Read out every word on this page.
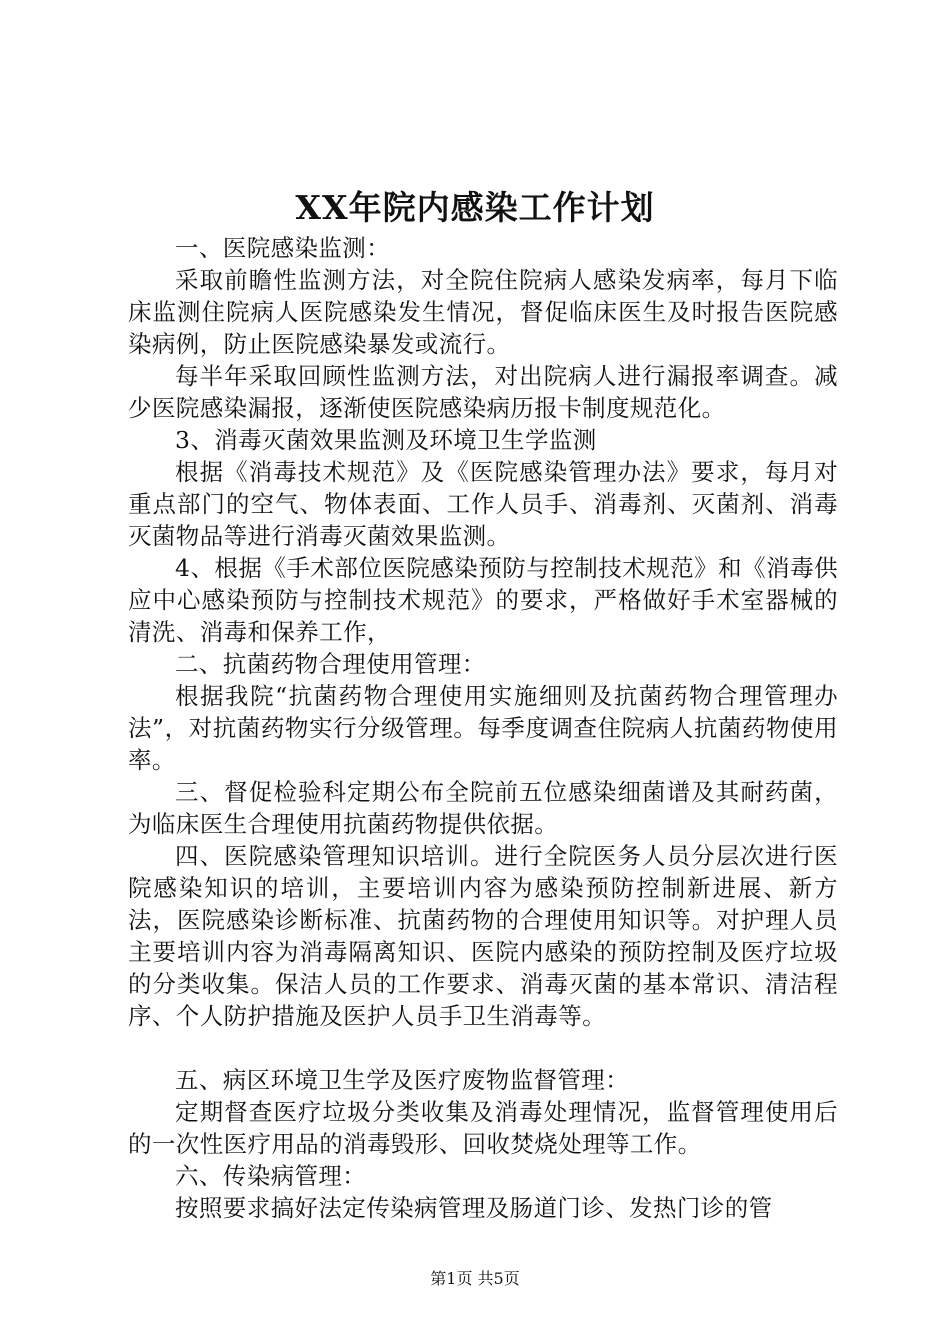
XX年院内感染工作计划

一、医院感染监测：

采取前瞻性监测方法，对全院住院病人感染发病率，每月下临床监测住院病人医院感染发生情况，督促临床医生及时报告医院感染病例，防止医院感染暴发或流行。

每半年采取回顾性监测方法，对出院病人进行漏报率调查。减少医院感染漏报，逐渐使医院感染病历报卡制度规范化。

3、消毒灭菌效果监测及环境卫生学监测

根据《消毒技术规范》及《医院感染管理办法》要求，每月对重点部门的空气、物体表面、工作人员手、消毒剂、灭菌剂、消毒灭菌物品等进行消毒灭菌效果监测。

4、根据《手术部位医院感染预防与控制技术规范》和《消毒供应中心感染预防与控制技术规范》的要求，严格做好手术室器械的清洗、消毒和保养工作，

二、抗菌药物合理使用管理：

根据我院“抗菌药物合理使用实施细则及抗菌药物合理管理办法”，对抗菌药物实行分级管理。每季度调查住院病人抗菌药物使用率。

三、督促检验科定期公布全院前五位感染细菌谱及其耐药菌，为临床医生合理使用抗菌药物提供依据。

四、医院感染管理知识培训。进行全院医务人员分层次进行医院感染知识的培训，主要培训内容为感染预防控制新进展、新方法，医院感染诊断标准、抗菌药物的合理使用知识等。对护理人员主要培训内容为消毒隔离知识、医院内感染的预防控制及医疗垃圾的分类收集。保洁人员的工作要求、消毒灭菌的基本常识、清洁程序、个人防护措施及医护人员手卫生消毒等。

五、病区环境卫生学及医疗废物监督管理：

定期督查医疗垃圾分类收集及消毒处理情况，监督管理使用后的一次性医疗用品的消毒毁形、回收焚烧处理等工作。

六、传染病管理：

按照要求搞好法定传染病管理及肠道门诊、发热门诊的管

第1页 共5页
